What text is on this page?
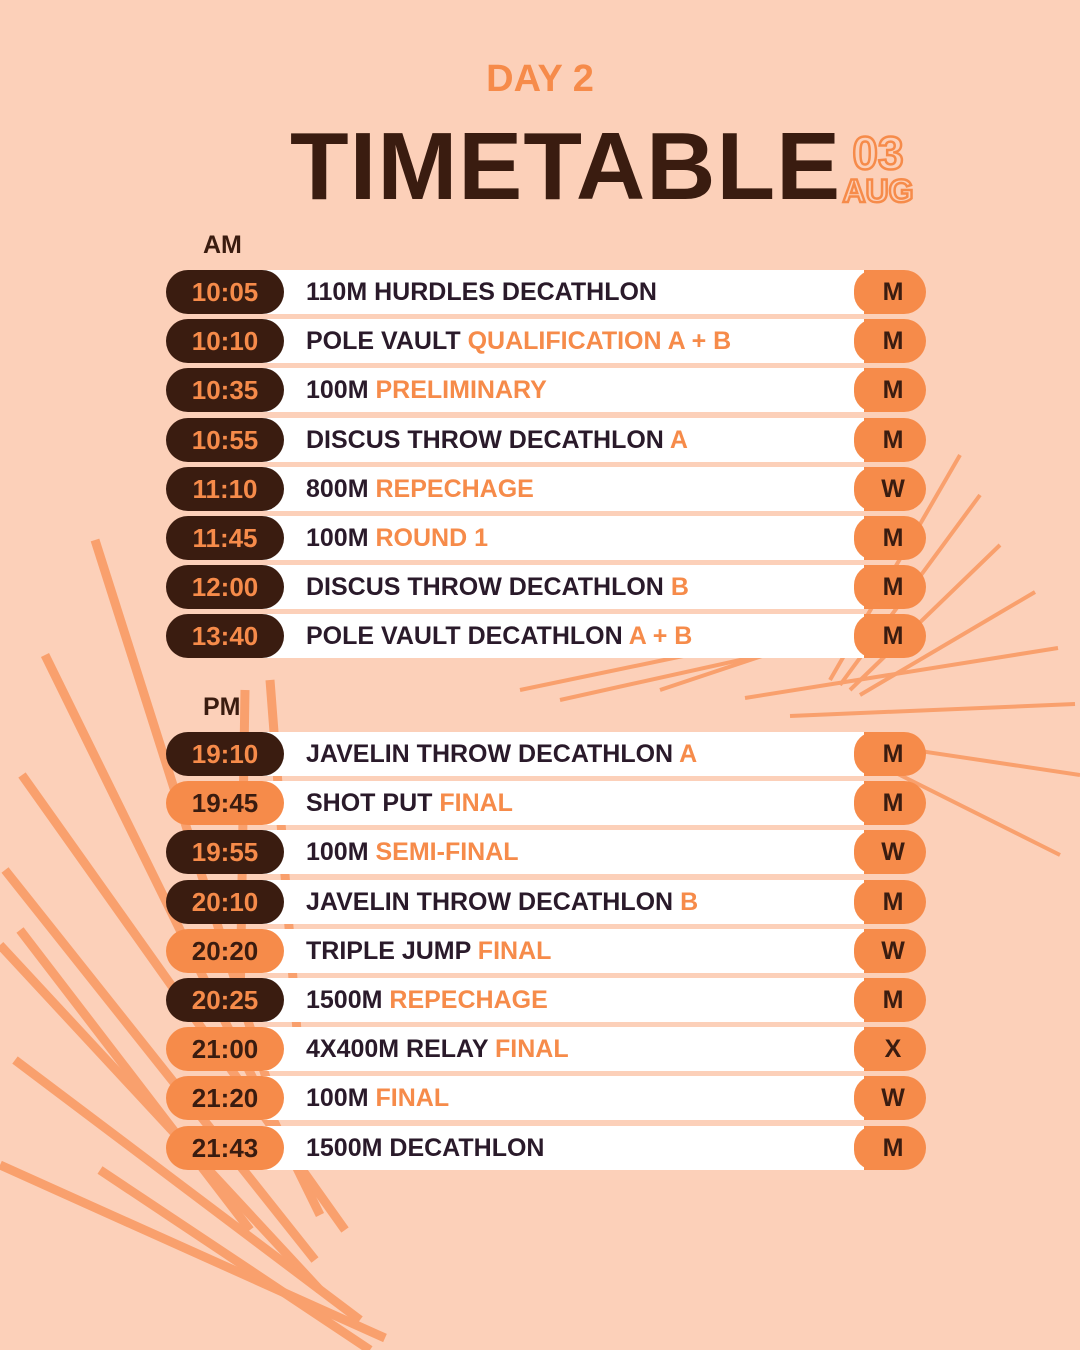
DAY 2
TIMETABLE 03
AUG
AM
10:05	110M HURDLES DECATHLON	M
10:10	POLE VAULT QUALIFICATION A + B	M
10:35	100M PRELIMINARY	M
10:55	DISCUS THROW DECATHLON A	M
11:10	800M REPECHAGE	W
11:45	100M ROUND 1	M
12:00	DISCUS THROW DECATHLON B	M
13:40	POLE VAULT DECATHLON A + B	M
PM
19:10	JAVELIN THROW DECATHLON A	M
19:45	SHOT PUT FINAL	M
19:55	100M SEMI-FINAL	W
20:10	JAVELIN THROW DECATHLON B	M
20:20	TRIPLE JUMP FINAL	W
20:25	1500M REPECHAGE	M
21:00	4X400M RELAY FINAL	X
21:20	100M FINAL	W
21:43	1500M DECATHLON	M
